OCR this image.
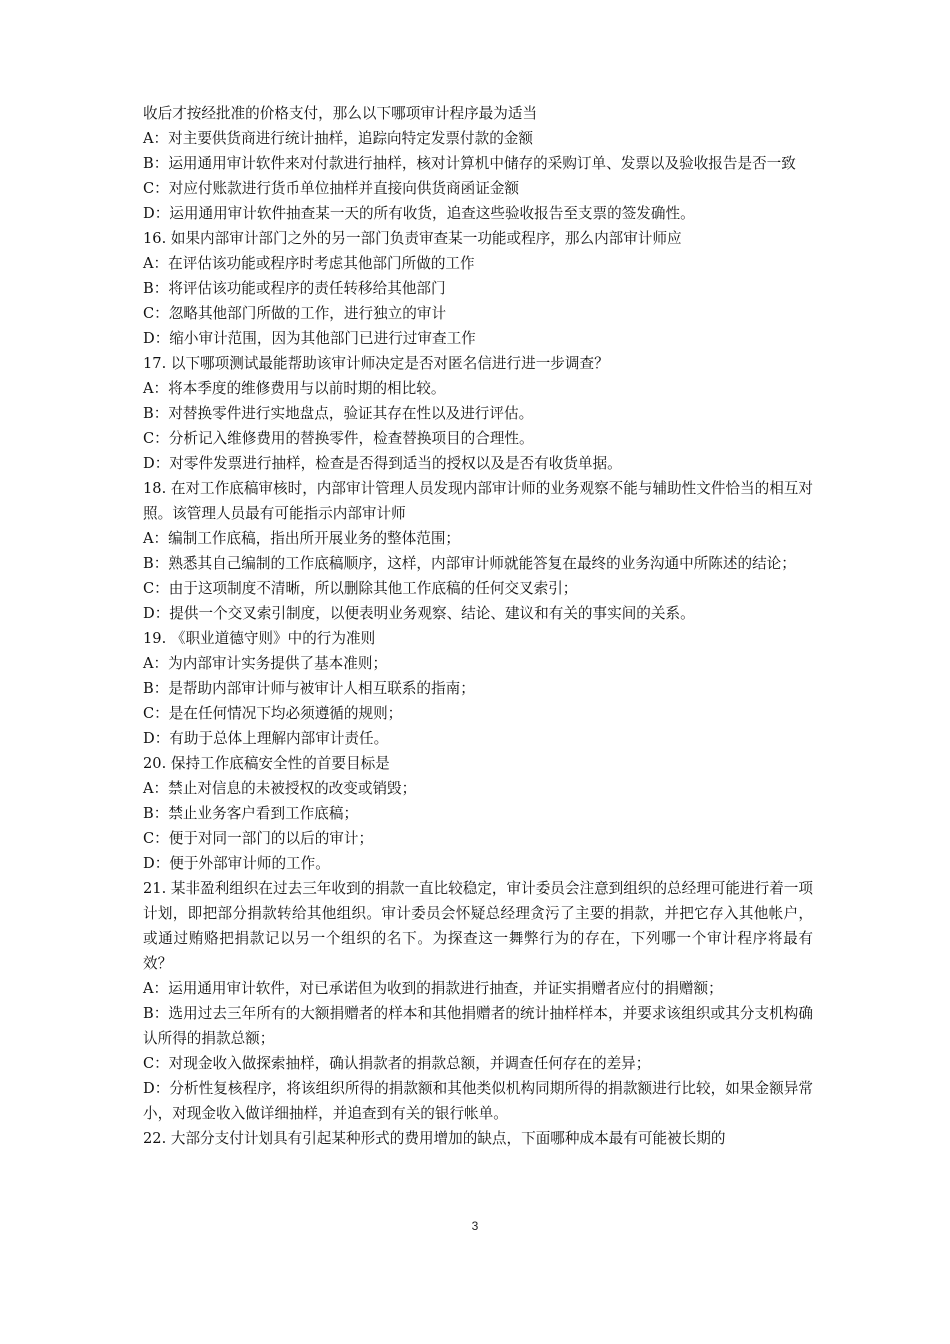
收后才按经批准的价格支付，那么以下哪项审计程序最为适当

A：对主要供货商进行统计抽样，追踪向特定发票付款的金额

B：运用通用审计软件来对付款进行抽样，核对计算机中储存的采购订单、发票以及验收报告是否一致

C：对应付账款进行货币单位抽样并直接向供货商函证金额

D：运用通用审计软件抽查某一天的所有收货，追查这些验收报告至支票的签发确性。

16. 如果内部审计部门之外的另一部门负责审查某一功能或程序，那么内部审计师应

A：在评估该功能或程序时考虑其他部门所做的工作

B：将评估该功能或程序的责任转移给其他部门

C：忽略其他部门所做的工作，进行独立的审计

D：缩小审计范围，因为其他部门已进行过审查工作

17. 以下哪项测试最能帮助该审计师决定是否对匿名信进行进一步调查？

A：将本季度的维修费用与以前时期的相比较。

B：对替换零件进行实地盘点，验证其存在性以及进行评估。

C：分析记入维修费用的替换零件，检查替换项目的合理性。

D：对零件发票进行抽样，检查是否得到适当的授权以及是否有收货单据。

18. 在对工作底稿审核时，内部审计管理人员发现内部审计师的业务观察不能与辅助性文件恰当的相互对照。该管理人员最有可能指示内部审计师

A：编制工作底稿，指出所开展业务的整体范围；

B：熟悉其自己编制的工作底稿顺序，这样，内部审计师就能答复在最终的业务沟通中所陈述的结论；

C：由于这项制度不清晰，所以删除其他工作底稿的任何交叉索引；

D：提供一个交叉索引制度，以便表明业务观察、结论、建议和有关的事实间的关系。

19. 《职业道德守则》中的行为准则

A：为内部审计实务提供了基本准则；

B：是帮助内部审计师与被审计人相互联系的指南；

C：是在任何情况下均必须遵循的规则；

D：有助于总体上理解内部审计责任。

20. 保持工作底稿安全性的首要目标是

A：禁止对信息的未被授权的改变或销毁；

B：禁止业务客户看到工作底稿；

C：便于对同一部门的以后的审计；

D：便于外部审计师的工作。

21. 某非盈利组织在过去三年收到的捐款一直比较稳定，审计委员会注意到组织的总经理可能进行着一项计划，即把部分捐款转给其他组织。审计委员会怀疑总经理贪污了主要的捐款，并把它存入其他帐户，或通过贿赂把捐款记以另一个组织的名下。为探查这一舞弊行为的存在，下列哪一个审计程序将最有效？

A：运用通用审计软件，对已承诺但为收到的捐款进行抽查，并证实捐赠者应付的捐赠额；

B：选用过去三年所有的大额捐赠者的样本和其他捐赠者的统计抽样样本，并要求该组织或其分支机构确认所得的捐款总额；

C：对现金收入做探索抽样，确认捐款者的捐款总额，并调查任何存在的差异；

D：分析性复核程序，将该组织所得的捐款额和其他类似机构同期所得的捐款额进行比较，如果金额异常小，对现金收入做详细抽样，并追查到有关的银行帐单。

22. 大部分支付计划具有引起某种形式的费用增加的缺点，下面哪种成本最有可能被长期的

3
